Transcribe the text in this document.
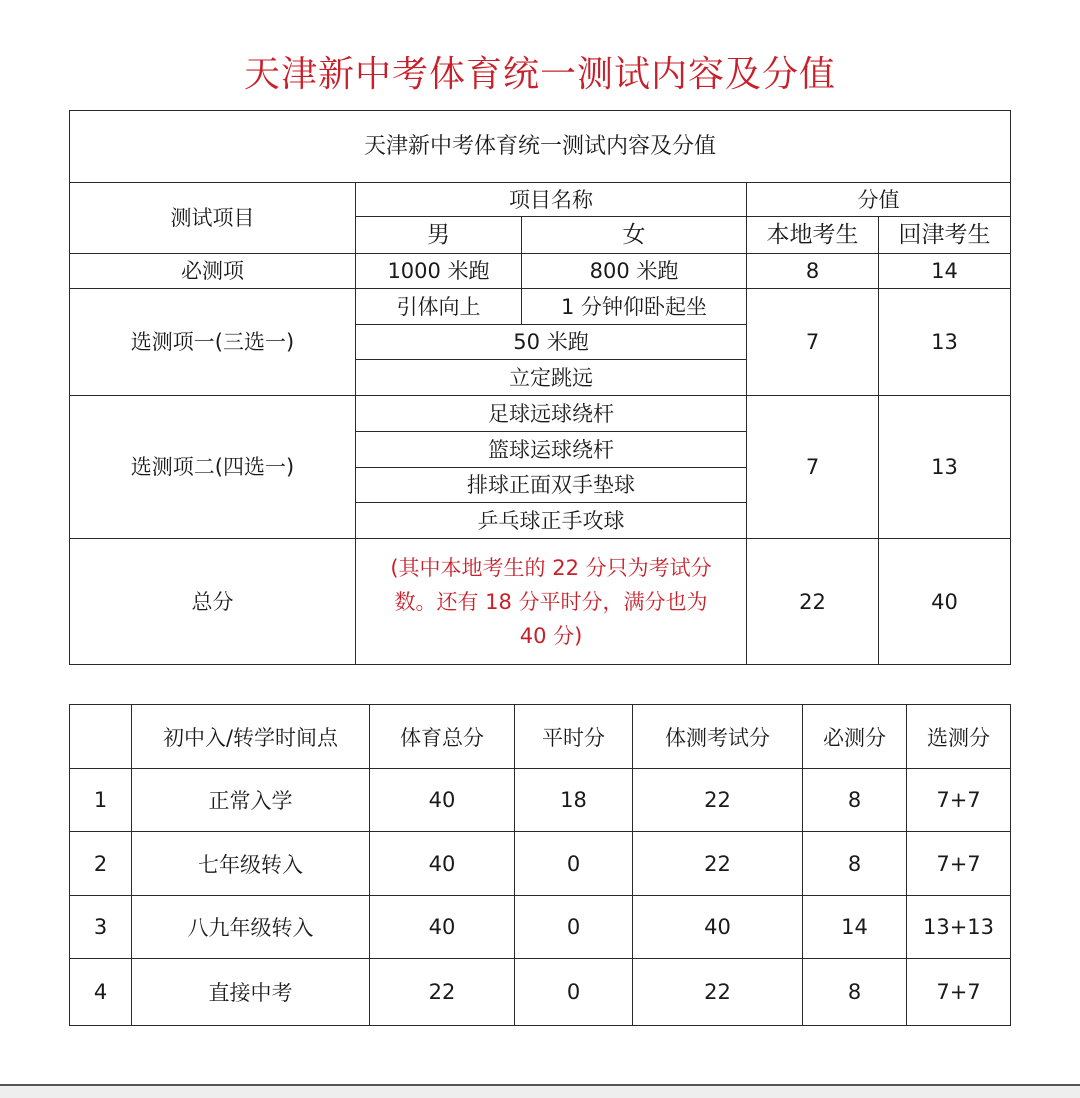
天津新中考体育统一测试内容及分值
天津新中考体育统一测试内容及分值				
测试项目	项目名称		分值	
	男	女	本地考生	回津考生
必测项	1000 米跑	800 米跑	8	14
选测项一(三选一)	引体向上	1 分钟仰卧起坐	7	13
	50 米跑			
	立定跳远			
选测项二(四选一)	足球远球绕杆		7	13
	篮球运球绕杆			
	排球正面双手垫球			
	乒乓球正手攻球			
总分	(其中本地考生的 22 分只为考试分
数。还有 18 分平时分，满分也为
40 分)		22	40
	初中入/转学时间点	体育总分	平时分	体测考试分	必测分	选测分
1	正常入学	40	18	22	8	7+7
2	七年级转入	40	0	22	8	7+7
3	八九年级转入	40	0	40	14	13+13
4	直接中考	22	0	22	8	7+7
